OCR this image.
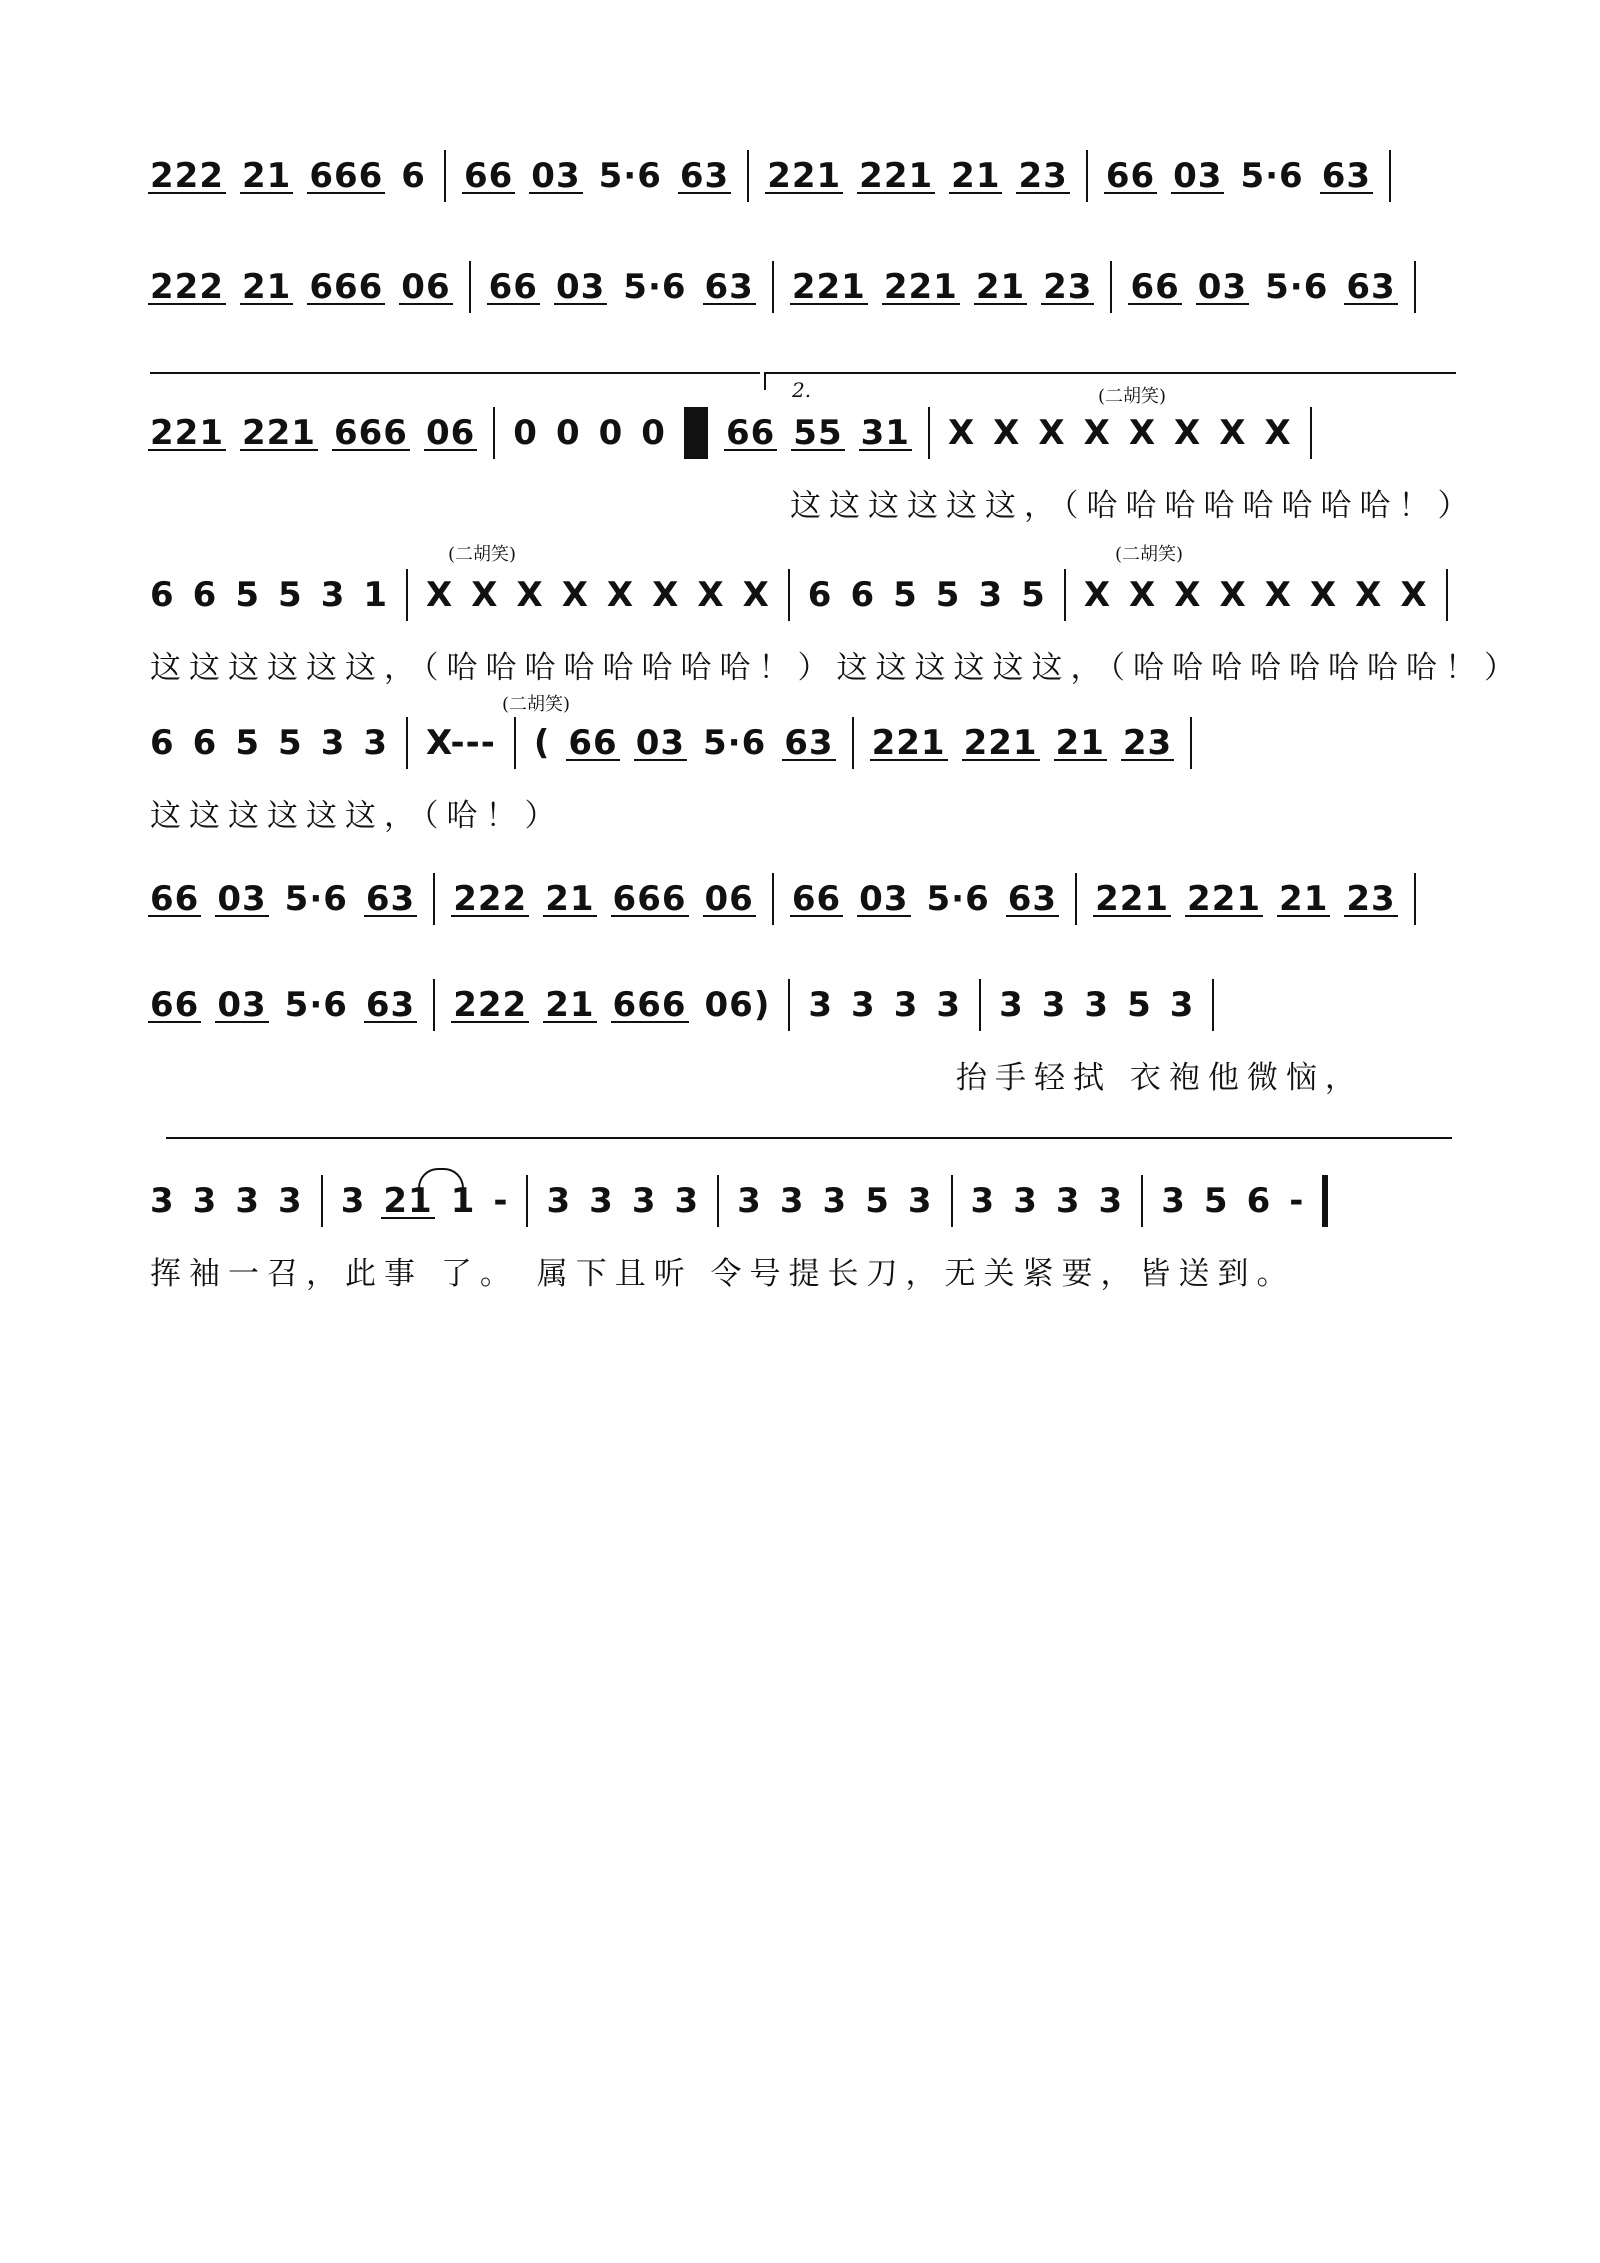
222 21 666 6 66 03 5·6 63 221 221 21 23 66 03 5·6 63
222 21 666 06 66 03 5·6 63 221 221 21 23 66 03 5·6 63
2.	(二胡笑)
221 221 666 06 0 0 0 0
: 66 55 31 X X X X X X X X
这这这这这这，（哈哈哈哈哈哈哈哈！）
(二胡笑)	(二胡笑)
6 6 5 5 3 1 X X X X X X X X 6 6 5 5 3 5 X X X X X X X X
这这这这这这，（哈哈哈哈哈哈哈哈！）这这这这这这，（哈哈哈哈哈哈哈哈！）
(二胡笑)
6 6 5 5 3 3 X--- ( 66 03 5·6 63 221 221 21 23
这这这这这这，（哈！）
66 03 5·6 63 222 21 666 06 66 03 5·6 63 221 221 21 23
66 03 5·6 63 222 21 666 06) 3 3 3 3 3 3 3 5 3
抬手轻拭 衣袍他微恼，
3 3 3 3 3 21 1 - 3 3 3 3 3 3 3 5 3 3 3 3 3 3 5 6 -
挥袖一召，此事 了。 属下且听 令号提长刀，无关紧要，皆送到。
